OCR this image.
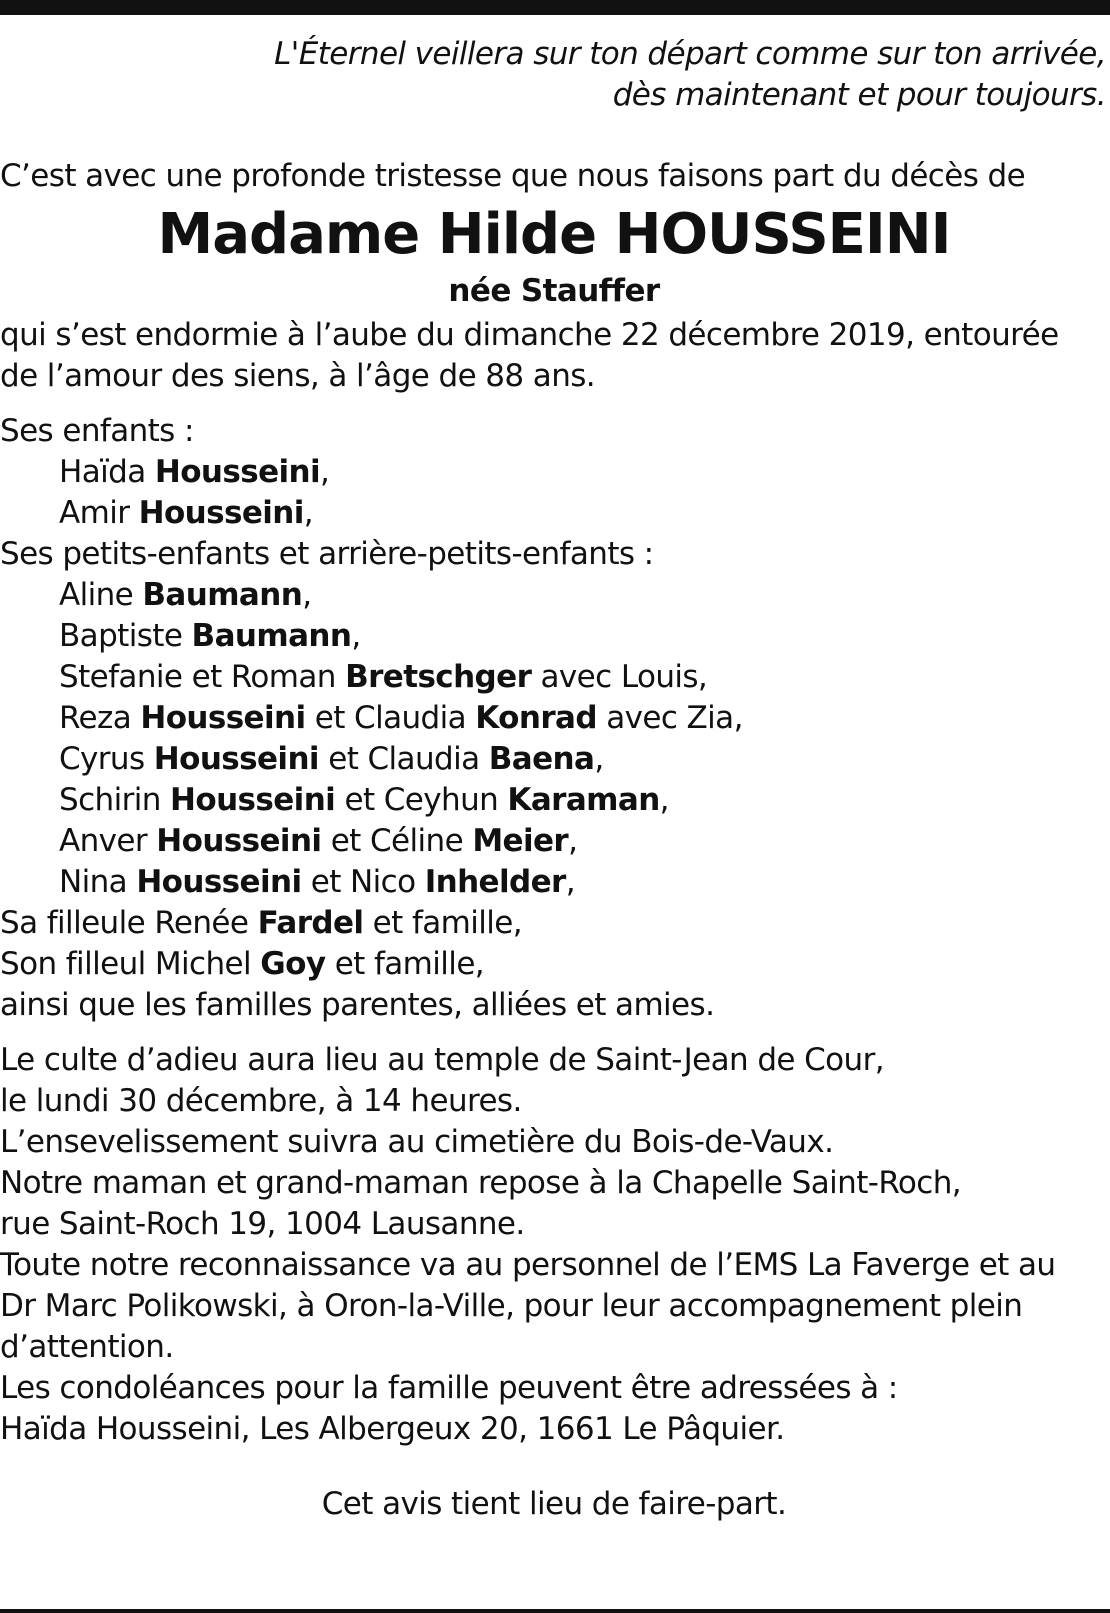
L'Éternel veillera sur ton départ comme sur ton arrivée,
dès maintenant et pour toujours.
C’est avec une profonde tristesse que nous faisons part du décès de
Madame Hilde HOUSSEINI
née Stauffer
qui s’est endormie à l’aube du dimanche 22 décembre 2019, entourée
de l’amour des siens, à l’âge de 88 ans.
Ses enfants :
Haïda Housseini,
Amir Housseini,
Ses petits-enfants et arrière-petits-enfants :
Aline Baumann,
Baptiste Baumann,
Stefanie et Roman Bretschger avec Louis,
Reza Housseini et Claudia Konrad avec Zia,
Cyrus Housseini et Claudia Baena,
Schirin Housseini et Ceyhun Karaman,
Anver Housseini et Céline Meier,
Nina Housseini et Nico Inhelder,
Sa filleule Renée Fardel et famille,
Son filleul Michel Goy et famille,
ainsi que les familles parentes, alliées et amies.
Le culte d’adieu aura lieu au temple de Saint-Jean de Cour,
le lundi 30 décembre, à 14 heures.
L’ensevelissement suivra au cimetière du Bois-de-Vaux.
Notre maman et grand-maman repose à la Chapelle Saint-Roch,
rue Saint-Roch 19, 1004 Lausanne.
Toute notre reconnaissance va au personnel de l’EMS La Faverge et au
Dr Marc Polikowski, à Oron-la-Ville, pour leur accompagnement plein
d’attention.
Les condoléances pour la famille peuvent être adressées à :
Haïda Housseini, Les Albergeux 20, 1661 Le Pâquier.
Cet avis tient lieu de faire-part.
